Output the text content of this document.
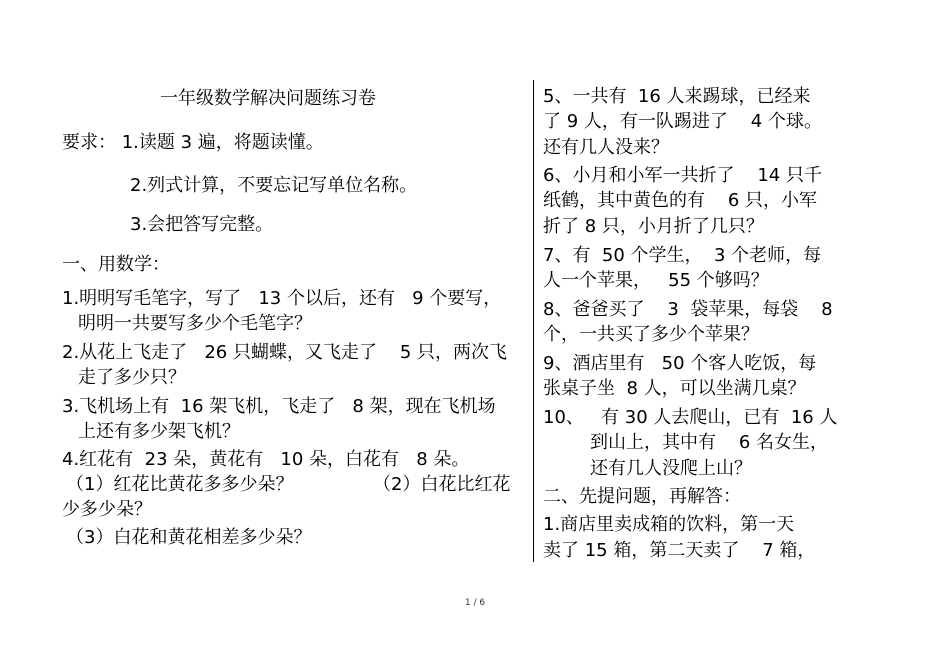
一年级数学解决问题练习卷
要求： 1.读题 3 遍，将题读懂。
2.列式计算，不要忘记写单位名称。
3.会把答写完整。
一、用数学：
1.明明写毛笔字，写了   13 个以后，还有   9 个要写，
明明一共要写多少个毛笔字？
2.从花上飞走了   26 只蝴蝶，又飞走了    5 只，两次飞
走了多少只？
3.飞机场上有  16 架飞机，飞走了   8 架，现在飞机场
上还有多少架飞机？
4.红花有  23 朵，黄花有   10 朵，白花有   8 朵。
（1）红花比黄花多多少朵？	（2）白花比红花
少多少朵？
（3）白花和黄花相差多少朵？
5、一共有  16 人来踢球，已经来
了 9 人，有一队踢进了    4 个球。
还有几人没来？
6、小月和小军一共折了    14 只千
纸鹤，其中黄色的有    6 只，小军
折了 8 只，小月折了几只？
7、有  50 个学生，  3 个老师，每
人一个苹果，   55 个够吗？
8、爸爸买了    3  袋苹果，每袋    8
个，一共买了多少个苹果？
9、酒店里有   50 个客人吃饭，每
张桌子坐  8 人，可以坐满几桌？
10、   有 30 人去爬山，已有  16 人
到山上，其中有    6 名女生，
还有几人没爬上山？
二、先提问题，再解答：
1.商店里卖成箱的饮料，第一天
卖了 15 箱，第二天卖了    7 箱，
1 / 6
